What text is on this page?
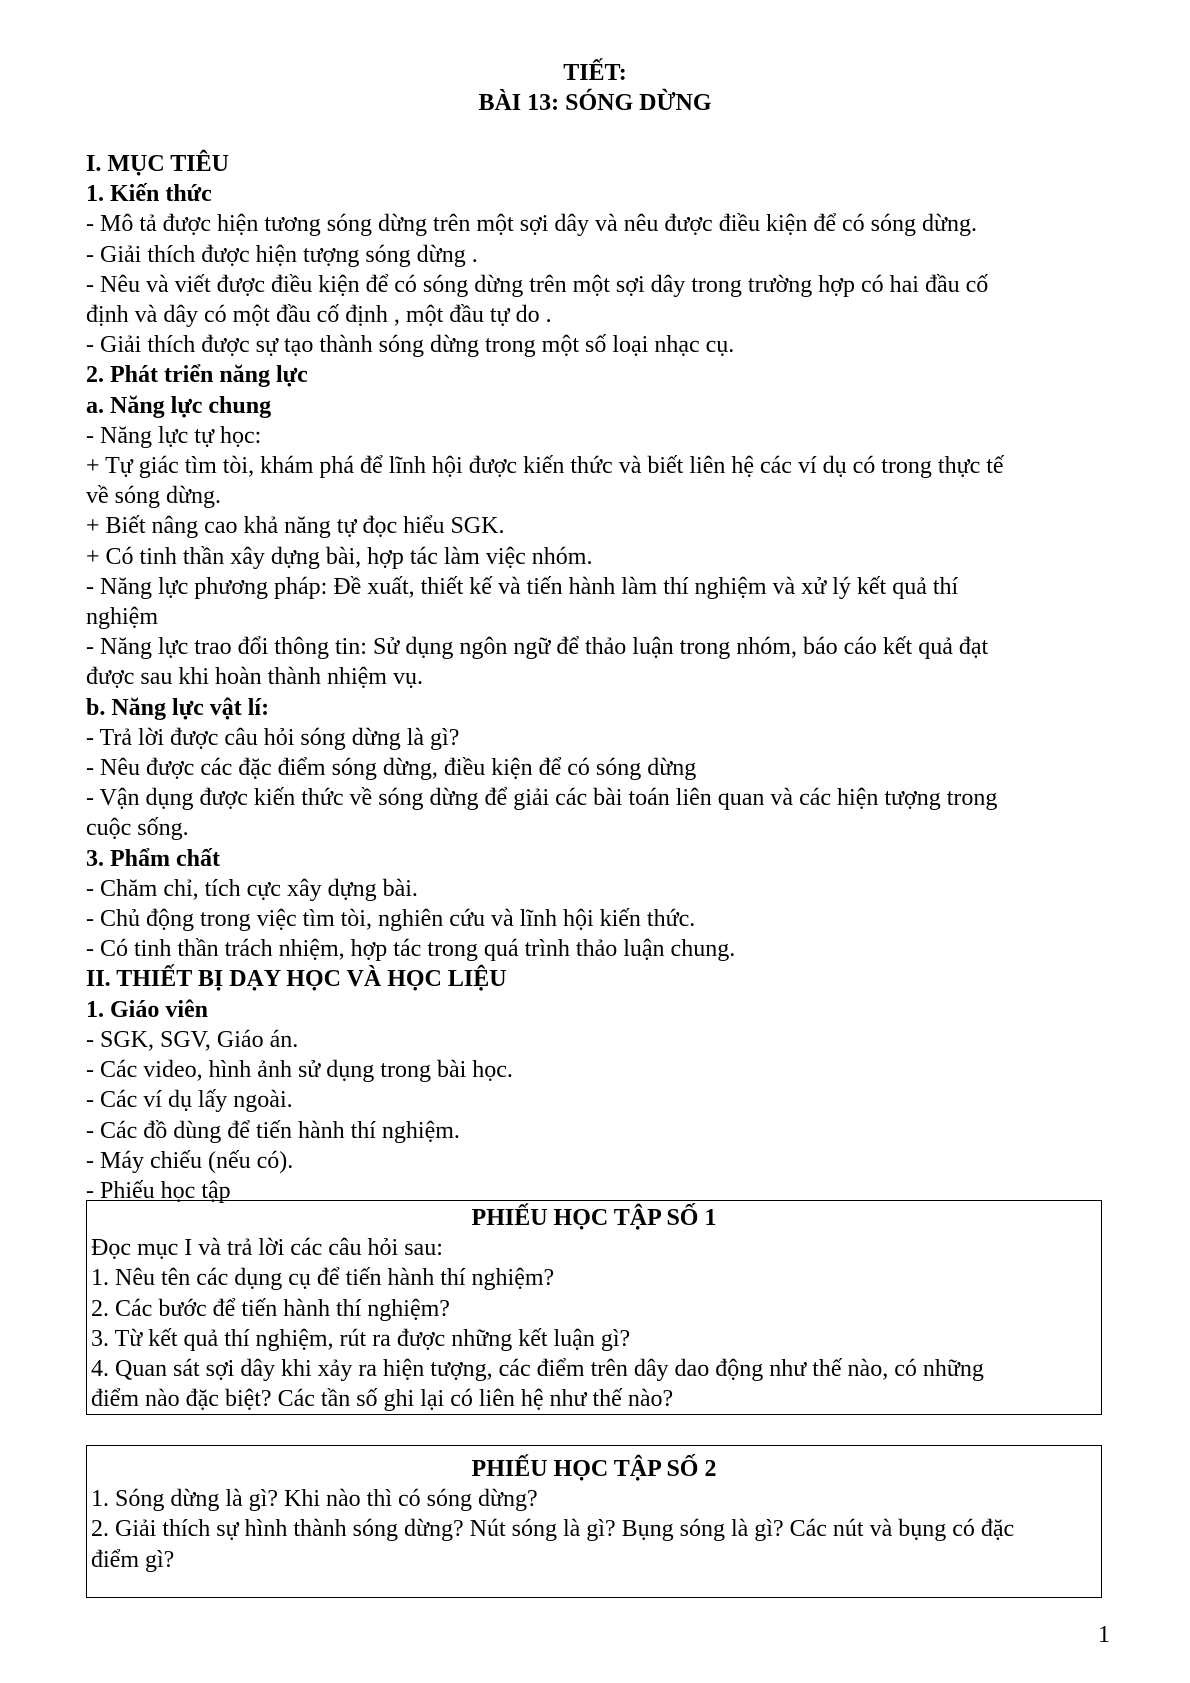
TIẾT:
BÀI 13: SÓNG DỪNG
I. MỤC TIÊU
1. Kiến thức
- Mô tả được hiện tương sóng dừng trên một sợi dây và nêu được điều kiện để có sóng dừng.
- Giải thích được hiện tượng sóng dừng .
- Nêu và viết được điều kiện để có sóng dừng trên một sợi dây trong trường hợp có hai đầu cố
định và dây có một đầu cố định , một đầu tự do .
- Giải thích được sự tạo thành sóng dừng trong một số loại nhạc cụ.
2. Phát triển năng lực
a. Năng lực chung
- Năng lực tự học:
+ Tự giác tìm tòi, khám phá để lĩnh hội được kiến thức và biết liên hệ các ví dụ có trong thực tế
về sóng dừng.
+ Biết nâng cao khả năng tự đọc hiểu SGK.
+ Có tinh thần xây dựng bài, hợp tác làm việc nhóm.
- Năng lực phương pháp: Đề xuất, thiết kế và tiến hành làm thí nghiệm và xử lý kết quả thí
nghiệm
- Năng lực trao đổi thông tin: Sử dụng ngôn ngữ để thảo luận trong nhóm, báo cáo kết quả đạt
được sau khi hoàn thành nhiệm vụ.
b. Năng lực vật lí:
- Trả lời được câu hỏi sóng dừng là gì?
- Nêu được các đặc điểm sóng dừng, điều kiện để có sóng dừng
- Vận dụng được kiến thức về sóng dừng để giải các bài toán liên quan và các hiện tượng trong
cuộc sống.
3. Phẩm chất
- Chăm chỉ, tích cực xây dựng bài.
- Chủ động trong việc tìm tòi, nghiên cứu và lĩnh hội kiến thức.
- Có tinh thần trách nhiệm, hợp tác trong quá trình thảo luận chung.
II. THIẾT BỊ DẠY HỌC VÀ HỌC LIỆU
1. Giáo viên
- SGK, SGV, Giáo án.
- Các video, hình ảnh sử dụng trong bài học.
- Các ví dụ lấy ngoài.
- Các đồ dùng để tiến hành thí nghiệm.
- Máy chiếu (nếu có).
- Phiếu học tập
PHIẾU HỌC TẬP SỐ 1
Đọc mục I và trả lời các câu hỏi sau:
1. Nêu tên các dụng cụ để tiến hành thí nghiệm?
2. Các bước để tiến hành thí nghiệm?
3. Từ kết quả thí nghiệm, rút ra được những kết luận gì?
4. Quan sát sợi dây khi xảy ra hiện tượng, các điểm trên dây dao động như thế nào, có những
điểm nào đặc biệt? Các tần số ghi lại có liên hệ như thế nào?
PHIẾU HỌC TẬP SỐ 2
1. Sóng dừng là gì? Khi nào thì có sóng dừng?
2. Giải thích sự hình thành sóng dừng? Nút sóng là gì? Bụng sóng là gì? Các nút và bụng có đặc
điểm gì?
1
